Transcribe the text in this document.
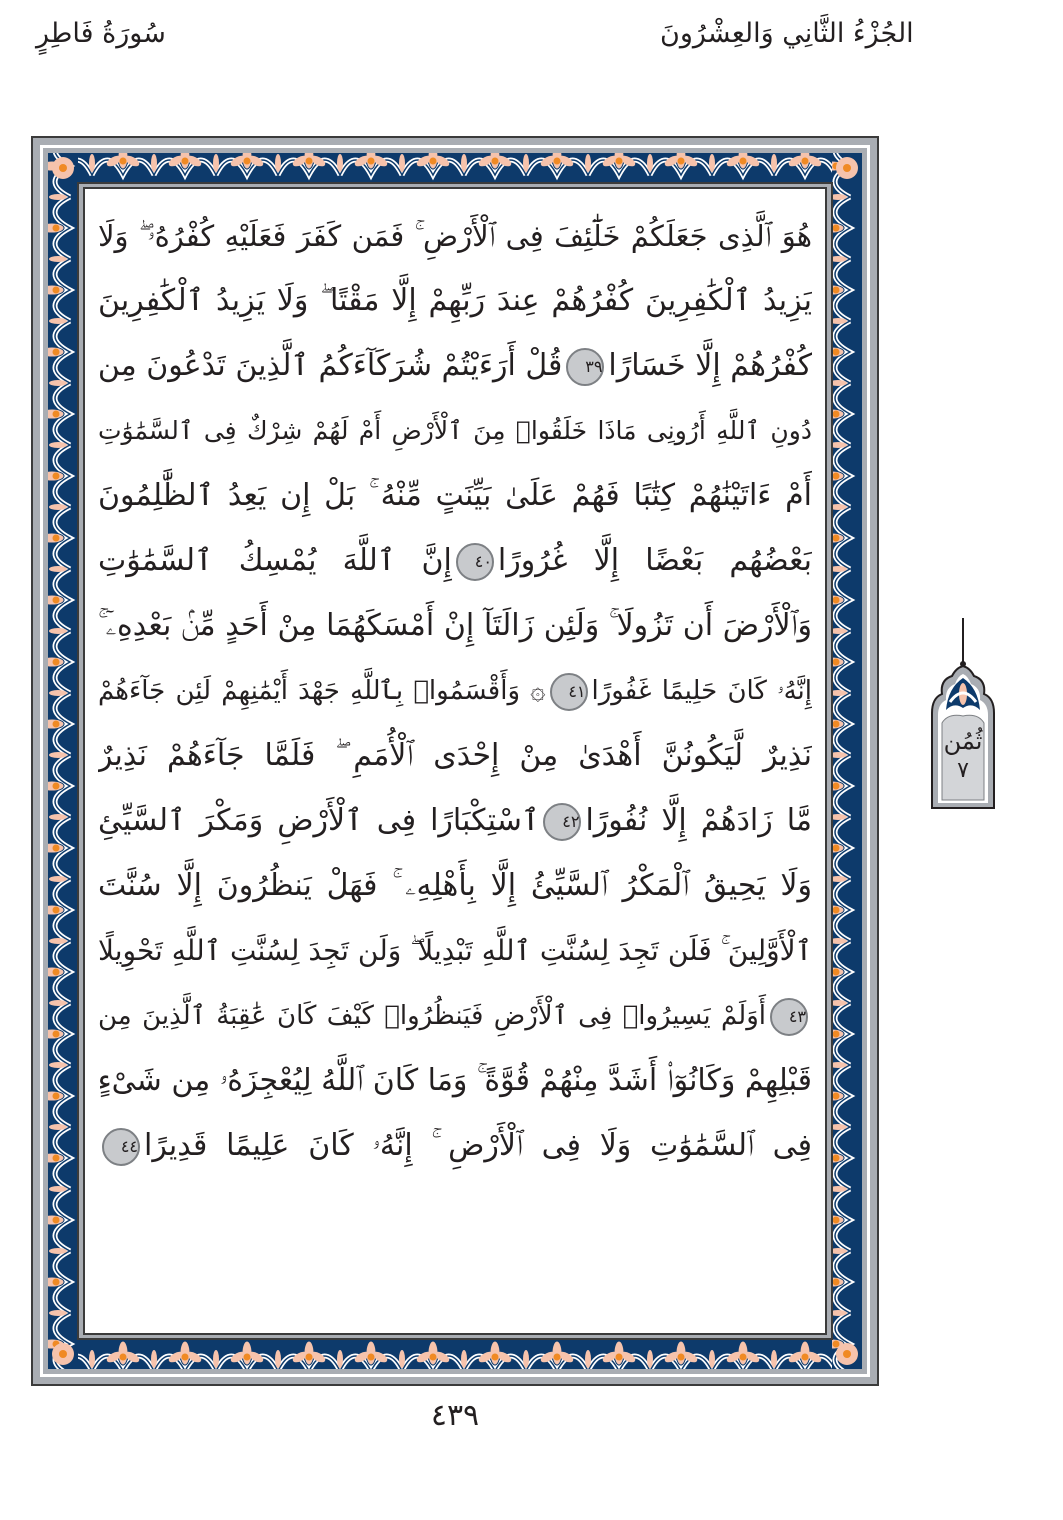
الجُزْءُ الثَّانِي وَالعِشْرُونَ
سُورَةُ فَاطِرٍ
هُوَ ٱلَّذِى جَعَلَكُمْ خَلَٰٓئِفَ فِى ٱلْأَرْضِ ۚ فَمَن كَفَرَ فَعَلَيْهِ كُفْرُهُۥ ۖ وَلَا
يَزِيدُ ٱلْكَٰفِرِينَ كُفْرُهُمْ عِندَ رَبِّهِمْ إِلَّا مَقْتًا ۖ وَلَا يَزِيدُ ٱلْكَٰفِرِينَ
كُفْرُهُمْ إِلَّا خَسَارًا٣٩قُلْ أَرَءَيْتُمْ شُرَكَآءَكُمُ ٱلَّذِينَ تَدْعُونَ مِن
دُونِ ٱللَّهِ أَرُونِى مَاذَا خَلَقُوا۟ مِنَ ٱلْأَرْضِ أَمْ لَهُمْ شِرْكٌ فِى ٱلسَّمَٰوَٰتِ
أَمْ ءَاتَيْنَٰهُمْ كِتَٰبًا فَهُمْ عَلَىٰ بَيِّنَتٍ مِّنْهُ ۚ بَلْ إِن يَعِدُ ٱلظَّٰلِمُونَ
بَعْضُهُم بَعْضًا إِلَّا غُرُورًا٤٠إِنَّ ٱللَّهَ يُمْسِكُ ٱلسَّمَٰوَٰتِ
وَٱلْأَرْضَ أَن تَزُولَا ۚ وَلَئِن زَالَتَآ إِنْ أَمْسَكَهُمَا مِنْ أَحَدٍ مِّنۢ بَعْدِهِۦٓ ۚ
إِنَّهُۥ كَانَ حَلِيمًا غَفُورًا٤١۞ وَأَقْسَمُوا۟ بِٱللَّهِ جَهْدَ أَيْمَٰنِهِمْ لَئِن جَآءَهُمْ
نَذِيرٌ لَّيَكُونُنَّ أَهْدَىٰ مِنْ إِحْدَى ٱلْأُمَمِ ۖ فَلَمَّا جَآءَهُمْ نَذِيرٌ
مَّا زَادَهُمْ إِلَّا نُفُورًا٤٢ٱسْتِكْبَارًا فِى ٱلْأَرْضِ وَمَكْرَ ٱلسَّيِّئِ
وَلَا يَحِيقُ ٱلْمَكْرُ ٱلسَّيِّئُ إِلَّا بِأَهْلِهِۦ ۚ فَهَلْ يَنظُرُونَ إِلَّا سُنَّتَ
ٱلْأَوَّلِينَ ۚ فَلَن تَجِدَ لِسُنَّتِ ٱللَّهِ تَبْدِيلًا ۖ وَلَن تَجِدَ لِسُنَّتِ ٱللَّهِ تَحْوِيلًا
٤٣أَوَلَمْ يَسِيرُوا۟ فِى ٱلْأَرْضِ فَيَنظُرُوا۟ كَيْفَ كَانَ عَٰقِبَةُ ٱلَّذِينَ مِن
قَبْلِهِمْ وَكَانُوٓا۟ أَشَدَّ مِنْهُمْ قُوَّةً ۚ وَمَا كَانَ ٱللَّهُ لِيُعْجِزَهُۥ مِن شَىْءٍ
فِى ٱلسَّمَٰوَٰتِ وَلَا فِى ٱلْأَرْضِ ۚ إِنَّهُۥ كَانَ عَلِيمًا قَدِيرًا٤٤
ثُمُن
٧
٤٣٩
